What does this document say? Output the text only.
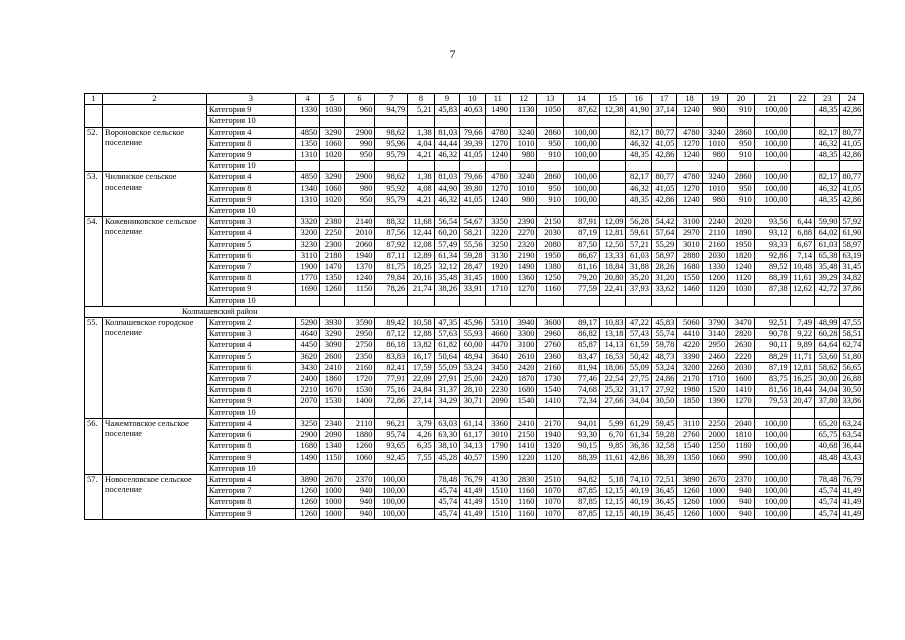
7
1	2	3	4	5	6	7	8	9	10	11	12	13	14	15	16	17	18	19	20	21	22	23	24
		Категория 9	1330	1030	960	94,79	5,21	45,83	40,63	1490	1130	1050	87,62	12,38	41,90	37,14	1240	980	910	100,00		48,35	42,86
		Категория 10																					
52.	Вороновское сельское поселение	Категория 4	4850	3290	2900	98,62	1,38	81,03	79,66	4780	3240	2860	100,00		82,17	80,77	4780	3240	2860	100,00		82,17	80,77
		Категория 8	1350	1060	990	95,96	4,04	44,44	39,39	1270	1010	950	100,00		46,32	41,05	1270	1010	950	100,00		46,32	41,05
		Категория 9	1310	1020	950	95,79	4,21	46,32	41,05	1240	980	910	100,00		48,35	42,86	1240	980	910	100,00		48,35	42,86
		Категория 10																					
53.	Чилинское сельское поселение	Категория 4	4850	3290	2900	98,62	1,38	81,03	79,66	4780	3240	2860	100,00		82,17	80,77	4780	3240	2860	100,00		82,17	80,77
		Категория 8	1340	1060	980	95,92	4,08	44,90	39,80	1270	1010	950	100,00		46,32	41,05	1270	1010	950	100,00		46,32	41,05
		Категория 9	1310	1020	950	95,79	4,21	46,32	41,05	1240	980	910	100,00		48,35	42,86	1240	980	910	100,00		48,35	42,86
		Категория 10																					
54.	Кожевниковское сельское поселение	Категория 3	3320	2380	2140	88,32	11,68	56,54	54,67	3350	2390	2150	87,91	12,09	56,28	54,42	3100	2240	2020	93,56	6,44	59,90	57,92
		Категория 4	3200	2250	2010	87,56	12,44	60,20	58,21	3220	2270	2030	87,19	12,81	59,61	57,64	2970	2110	1890	93,12	6,88	64,02	61,90
		Категория 5	3230	2300	2060	87,92	12,08	57,49	55,56	3250	2320	2080	87,50	12,50	57,21	55,29	3010	2160	1950	93,33	6,67	61,03	58,97
		Категория 6	3110	2180	1940	87,11	12,89	61,34	59,28	3130	2190	1950	86,67	13,33	61,03	58,97	2880	2030	1820	92,86	7,14	65,38	63,19
		Категория 7	1900	1470	1370	81,75	18,25	32,12	28,47	1920	1490	1380	81,16	18,84	31,88	28,26	1680	1330	1240	89,52	10,48	35,48	31,45
		Категория 8	1770	1350	1240	79,84	20,16	35,48	31,45	1800	1360	1250	79,20	20,80	35,20	31,20	1550	1200	1120	88,39	11,61	39,29	34,82
		Категория 9	1690	1260	1150	78,26	21,74	38,26	33,91	1710	1270	1160	77,59	22,41	37,93	33,62	1460	1120	1030	87,38	12,62	42,72	37,86
		Категория 10																					
Колпашевский район																							
55.	Колпашевское городское поселение	Категория 2	5290	3930	3590	89,42	10,58	47,35	45,96	5310	3940	3600	89,17	10,83	47,22	45,83	5060	3790	3470	92,51	7,49	48,99	47,55
		Категория 3	4640	3290	2950	87,12	12,88	57,63	55,93	4660	3300	2960	86,82	13,18	57,43	55,74	4410	3140	2820	90,78	9,22	60,28	58,51
		Категория 4	4450	3090	2750	86,18	13,82	61,82	60,00	4470	3100	2760	85,87	14,13	61,59	59,78	4220	2950	2630	90,11	9,89	64,64	62,74
		Категория 5	3620	2600	2350	83,83	16,17	50,64	48,94	3640	2610	2360	83,47	16,53	50,42	48,73	3390	2460	2220	88,29	11,71	53,60	51,80
		Категория 6	3430	2410	2160	82,41	17,59	55,09	53,24	3450	2420	2160	81,94	18,06	55,09	53,24	3200	2260	2030	87,19	12,81	58,62	56,65
		Категория 7	2400	1860	1720	77,91	22,09	27,91	25,00	2420	1870	1730	77,46	22,54	27,75	24,86	2170	1710	1600	83,75	16,25	30,00	26,88
		Категория 8	2210	1670	1530	75,16	24,84	31,37	28,10	2230	1680	1540	74,68	25,32	31,17	27,92	1980	1520	1410	81,56	18,44	34,04	30,50
		Категория 9	2070	1530	1400	72,86	27,14	34,29	30,71	2090	1540	1410	72,34	27,66	34,04	30,50	1850	1390	1270	79,53	20,47	37,80	33,86
		Категория 10																					
56.	Чажемтовское сельское поселение	Категория 4	3250	2340	2110	96,21	3,79	63,03	61,14	3360	2410	2170	94,01	5,99	61,29	59,45	3110	2250	2040	100,00		65,20	63,24
		Категория 6	2900	2090	1880	95,74	4,26	63,30	61,17	3010	2150	1940	93,30	6,70	61,34	59,28	2760	2000	1810	100,00		65,75	63,54
		Категория 8	1680	1340	1260	93,65	6,35	38,10	34,13	1790	1410	1320	90,15	9,85	36,36	32,58	1540	1250	1180	100,00		40,68	36,44
		Категория 9	1490	1150	1060	92,45	7,55	45,28	40,57	1590	1220	1120	88,39	11,61	42,86	38,39	1350	1060	990	100,00		48,48	43,43
		Категория 10																					
57.	Новоселовское сельское поселение	Категория 4	3890	2670	2370	100,00		78,48	76,79	4130	2830	2510	94,82	5,18	74,10	72,51	3890	2670	2370	100,00		78,48	76,79
		Категория 7	1260	1000	940	100,00		45,74	41,49	1510	1160	1070	87,85	12,15	40,19	36,45	1260	1000	940	100,00		45,74	41,49
		Категория 8	1260	1000	940	100,00		45,74	41,49	1510	1160	1070	87,85	12,15	40,19	36,45	1260	1000	940	100,00		45,74	41,49
		Категория 9	1260	1000	940	100,00		45,74	41,49	1510	1160	1070	87,85	12,15	40,19	36,45	1260	1000	940	100,00		45,74	41,49
